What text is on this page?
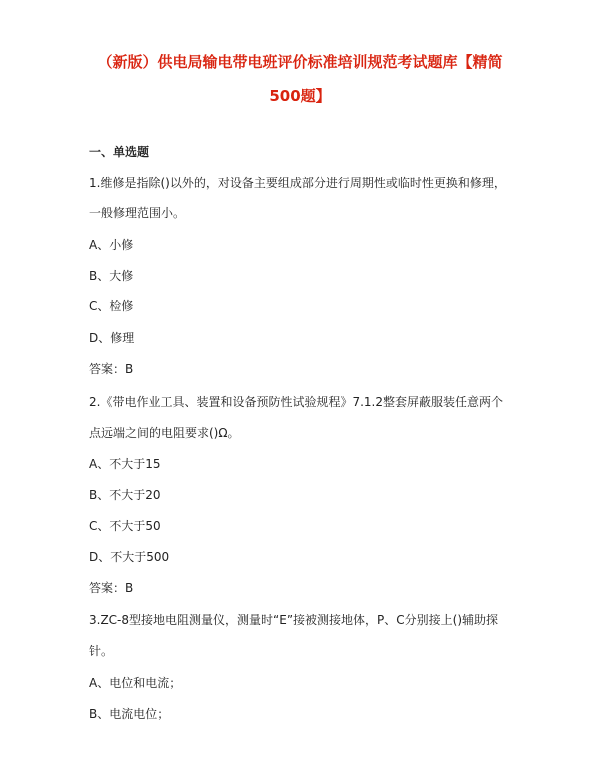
（新版）供电局输电带电班评价标准培训规范考试题库【精简
500题】
一、单选题
1.维修是指除()以外的，对设备主要组成部分进行周期性或临时性更换和修理，
一般修理范围小。
A、小修
B、大修
C、检修
D、修理
答案：B
2.《带电作业工具、装置和设备预防性试验规程》7.1.2整套屏蔽服装任意两个
点远端之间的电阻要求()Ω。
A、不大于15
B、不大于20
C、不大于50
D、不大于500
答案：B
3.ZC-8型接地电阻测量仪，测量时“E”接被测接地体，P、C分别接上()辅助探
针。
A、电位和电流；
B、电流电位；
